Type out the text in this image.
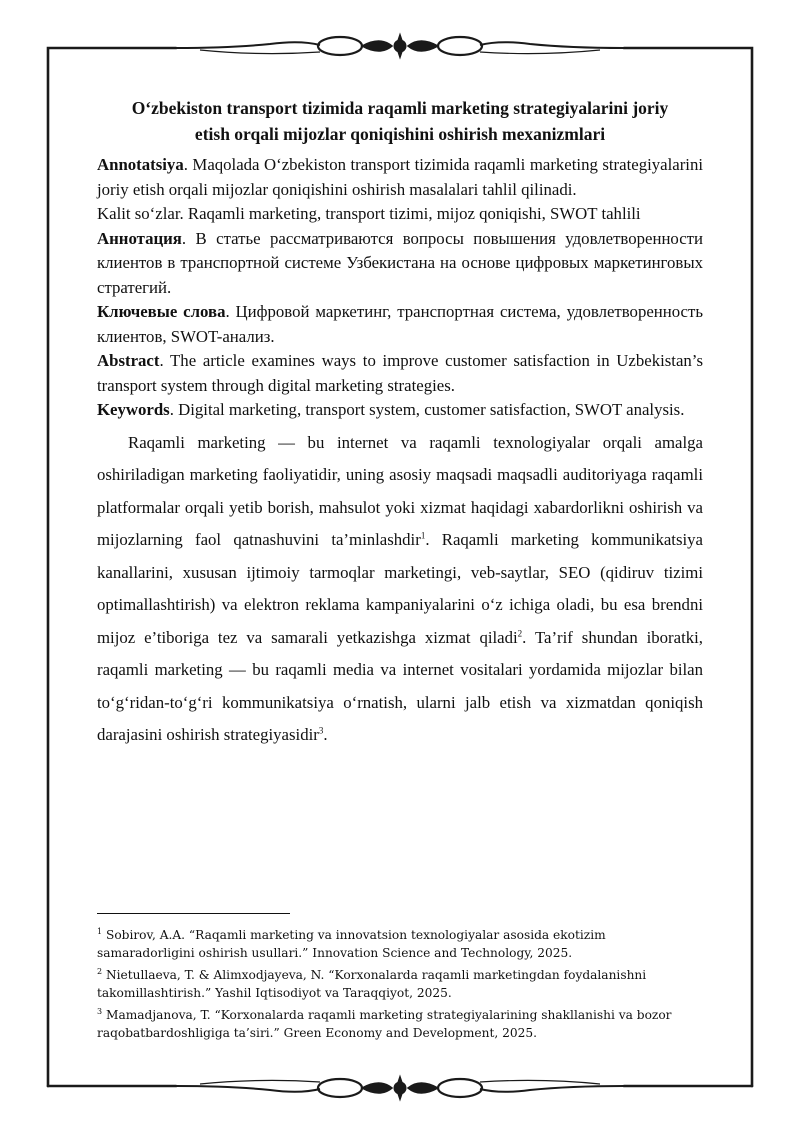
O‘zbekiston transport tizimida raqamli marketing strategiyalarini joriy
etish orqali mijozlar qoniqishini oshirish mexanizmlari

Annotatsiya. Maqolada O‘zbekiston transport tizimida raqamli marketing strategiyalarini joriy etish orqali mijozlar qoniqishini oshirish masalalari tahlil qilinadi.

Kalit so‘zlar. Raqamli marketing, transport tizimi, mijoz qoniqishi, SWOT tahlili

Аннотация. В статье рассматриваются вопросы повышения удовлетворенности клиентов в транспортной системе Узбекистана на основе цифровых маркетинговых стратегий.

Ключевые слова. Цифровой маркетинг, транспортная система, удовлетворенность клиентов, SWOT-анализ.

Abstract. The article examines ways to improve customer satisfaction in Uzbekistan’s transport system through digital marketing strategies.

Keywords. Digital marketing, transport system, customer satisfaction, SWOT analysis.

Raqamli marketing — bu internet va raqamli texnologiyalar orqali amalga oshiriladigan marketing faoliyatidir, uning asosiy maqsadi maqsadli auditoriyaga raqamli platformalar orqali yetib borish, mahsulot yoki xizmat haqidagi xabardorlikni oshirish va mijozlarning faol qatnashuvini ta’minlashdir$^1$. Raqamli marketing kommunikatsiya kanallarini, xususan ijtimoiy tarmoqlar marketingi, veb-saytlar, SEO (qidiruv tizimi optimallashtirish) va elektron reklama kampaniyalarini o‘z ichiga oladi, bu esa brendni mijoz e’tiboriga tez va samarali yetkazishga xizmat qiladi$^2$. Ta’rif shundan iboratki, raqamli marketing — bu raqamli media va internet vositalari yordamida mijozlar bilan to‘g‘ridan-to‘g‘ri kommunikatsiya o‘rnatish, ularni jalb etish va xizmatdan qoniqish darajasini oshirish strategiyasidir$^3$.

$^1$ Sobirov, A.A. “Raqamli marketing va innovatsion texnologiyalar asosida ekotizim samaradorligini oshirish usullari.” Innovation Science and Technology, 2025.

$^2$ Nietullaeva, T. & Alimxodjayeva, N. “Korxonalarda raqamli marketingdan foydalanishni takomillashtirish.” Yashil Iqtisodiyot va Taraqqiyot, 2025.

$^3$ Mamadjanova, T. “Korxonalarda raqamli marketing strategiyalarining shakllanishi va bozor raqobatbardoshligiga ta’siri.” Green Economy and Development, 2025.
